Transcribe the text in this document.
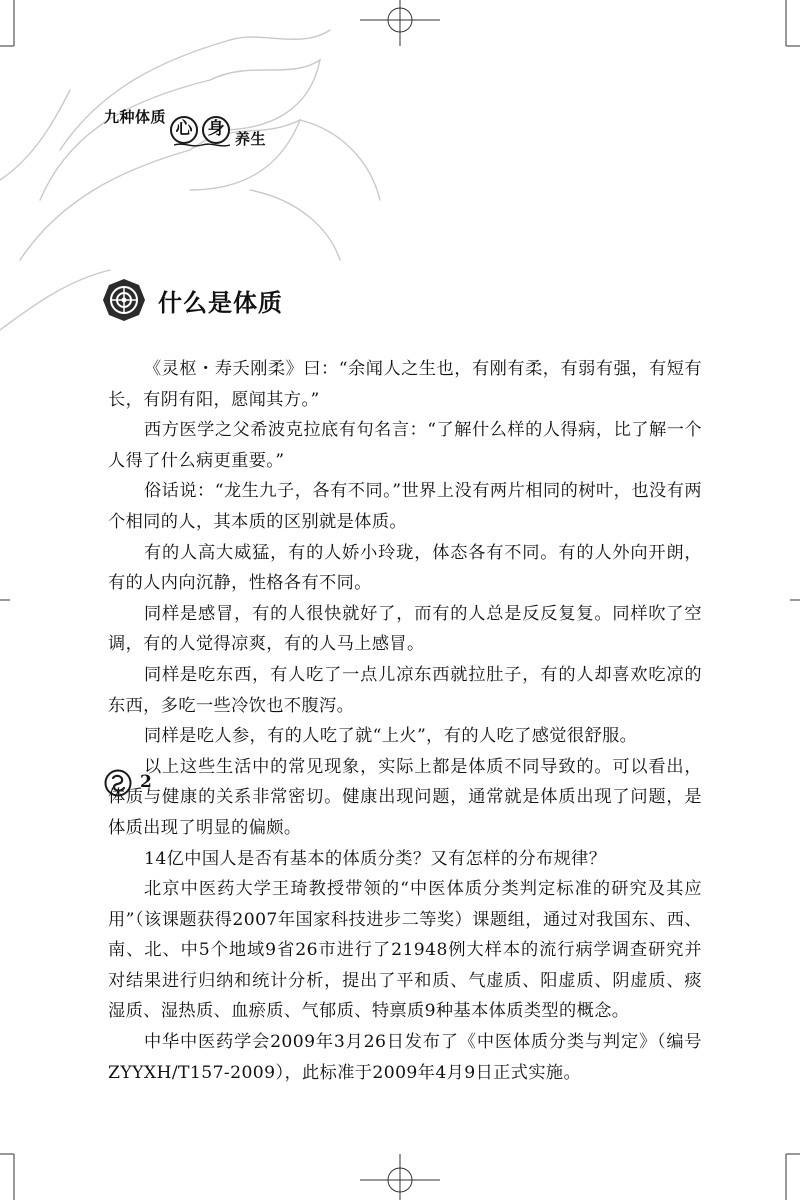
九种体质
心 身 养生
什么是体质

《灵枢・寿夭刚柔》曰：“余闻人之生也，有刚有柔，有弱有强，有短有长，有阴有阳，愿闻其方。”

西方医学之父希波克拉底有句名言：“了解什么样的人得病，比了解一个人得了什么病更重要。”

俗话说：“龙生九子，各有不同。”世界上没有两片相同的树叶，也没有两个相同的人，其本质的区别就是体质。

有的人高大威猛，有的人娇小玲珑，体态各有不同。有的人外向开朗，有的人内向沉静，性格各有不同。

同样是感冒，有的人很快就好了，而有的人总是反反复复。同样吹了空调，有的人觉得凉爽，有的人马上感冒。

同样是吃东西，有人吃了一点儿凉东西就拉肚子，有的人却喜欢吃凉的东西，多吃一些冷饮也不腹泻。

同样是吃人参，有的人吃了就“上火”，有的人吃了感觉很舒服。

以上这些生活中的常见现象，实际上都是体质不同导致的。可以看出，体质与健康的关系非常密切。健康出现问题，通常就是体质出现了问题，是体质出现了明显的偏颇。

14亿中国人是否有基本的体质分类？又有怎样的分布规律？

北京中医药大学王琦教授带领的“中医体质分类判定标准的研究及其应用”（该课题获得2007年国家科技进步二等奖）课题组，通过对我国东、西、南、北、中5个地域9省26市进行了21948例大样本的流行病学调查研究并对结果进行归纳和统计分析，提出了平和质、气虚质、阳虚质、阴虚质、痰湿质、湿热质、血瘀质、气郁质、特禀质9种基本体质类型的概念。

中华中医药学会2009年3月26日发布了《中医体质分类与判定》（编号ZYYXH/T157-2009），此标准于2009年4月9日正式实施。

2
